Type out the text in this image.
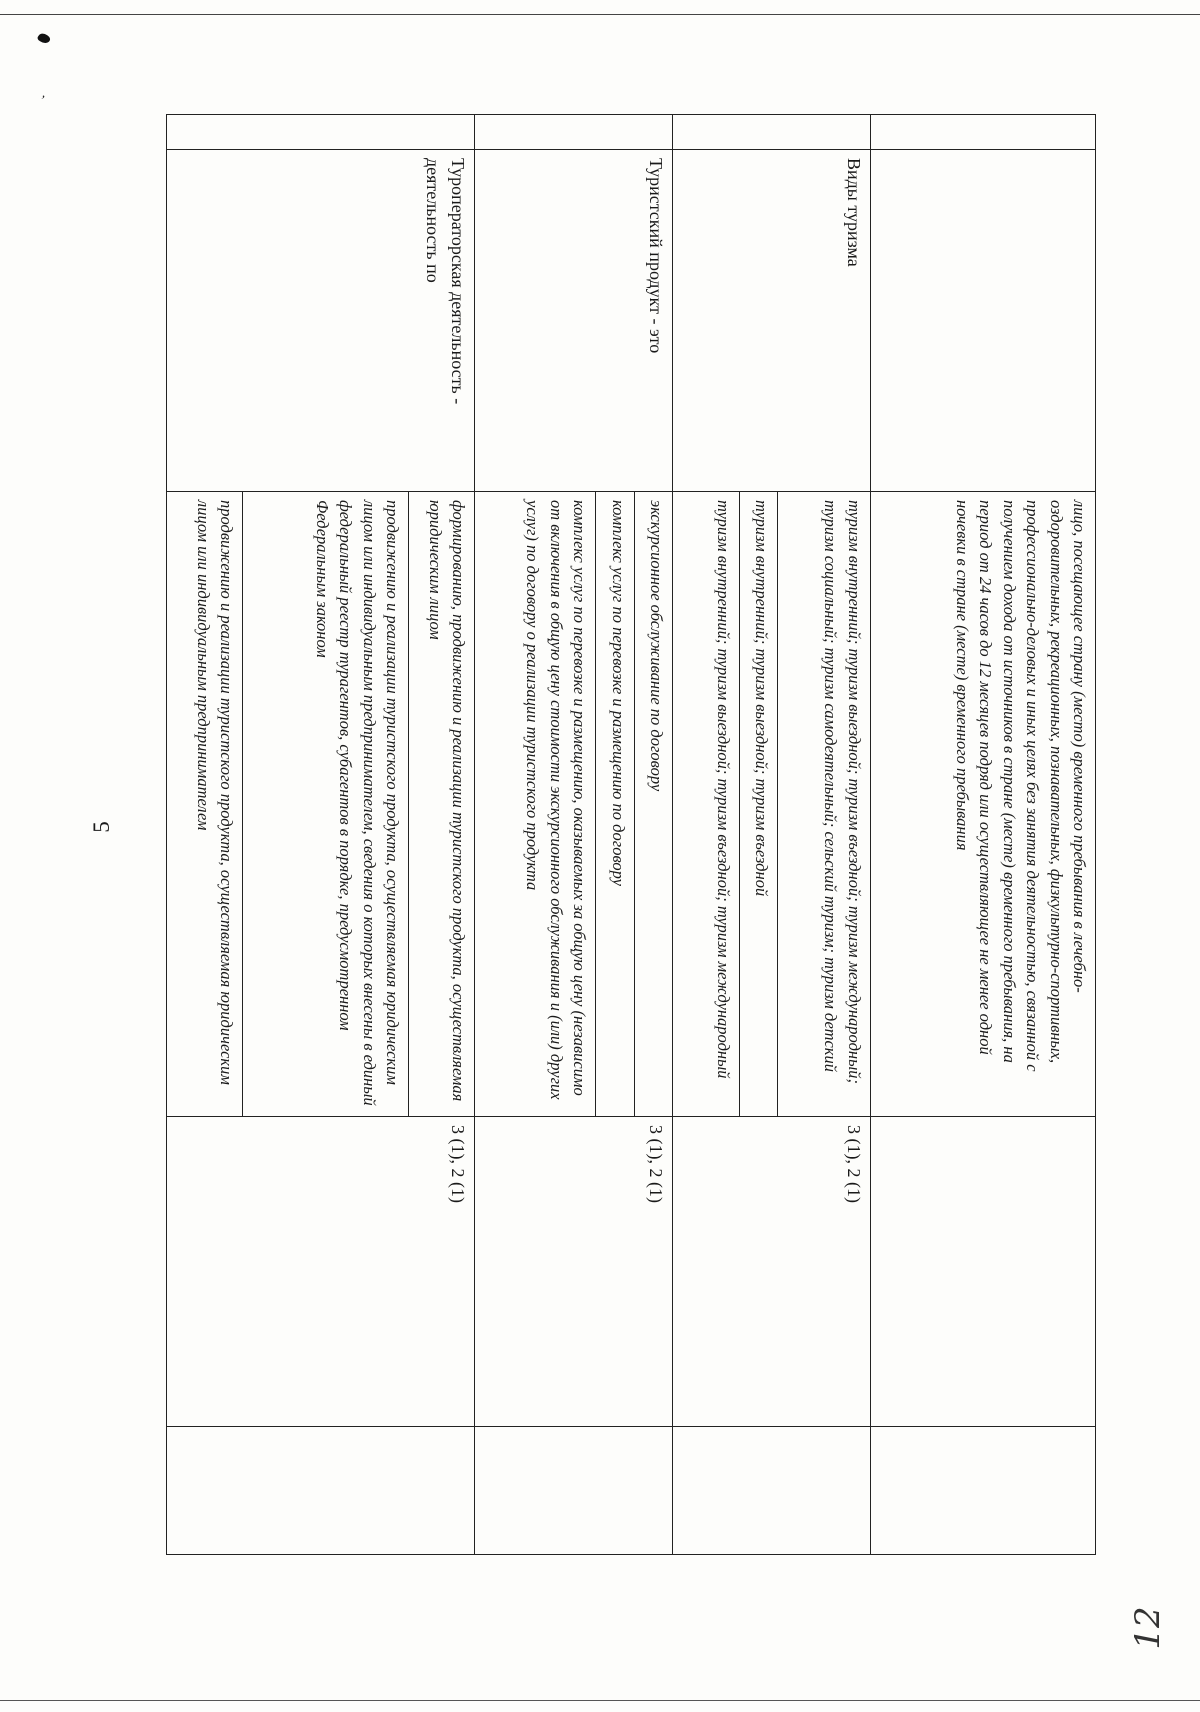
’
5
			лицо, посещающее страну (место) временного пребывания в лечебно-оздоровительных, рекреационных, познавательных, физкультурно-спортивных, профессионально-деловых и иных целях без занятия деятельностью, связанной с получением дохода от источников в стране (месте) временного пребывания, на период от 24 часов до 12 месяцев подряд или осуществляющее не менее одной ночевки в стране (месте) временного пребывания		
	Виды туризма	туризм внутренний; туризм выездной; туризм въездной; туризм международный; туризм социальный; туризм самодеятельный; сельский туризм; туризм детский	3 (1), 2 (1)	
		туризм внутренний; туризм выездной; туризм въездной		
		туризм внутренний; туризм выездной; туризм въездной; туризм международный		
	Туристский продукт - это	экскурсионное обслуживание по договору	3 (1), 2 (1)	
		комплекс услуг по перевозке и размещению по договору		
		комплекс услуг по перевозке и размещению, оказываемых за общую цену (независимо от включения в общую цену стоимости экскурсионного обслуживания и (или) других услуг) по договору о реализации туристского продукта		
	Туроператорская деятельность - деятельность по	формированию, продвижению и реализации туристского продукта, осуществляемая юридическим лицом	3 (1), 2 (1)	
		продвижению и реализации туристского продукта, осуществляемая юридическим лицом или индивидуальным предпринимателем, сведения о которых внесены в единый федеральный реестр турагентов, субагентов в порядке, предусмотренном Федеральным законом		
		продвижению и реализации туристского продукта, осуществляемая юридическим лицом или индивидуальным предпринимателем		
12
